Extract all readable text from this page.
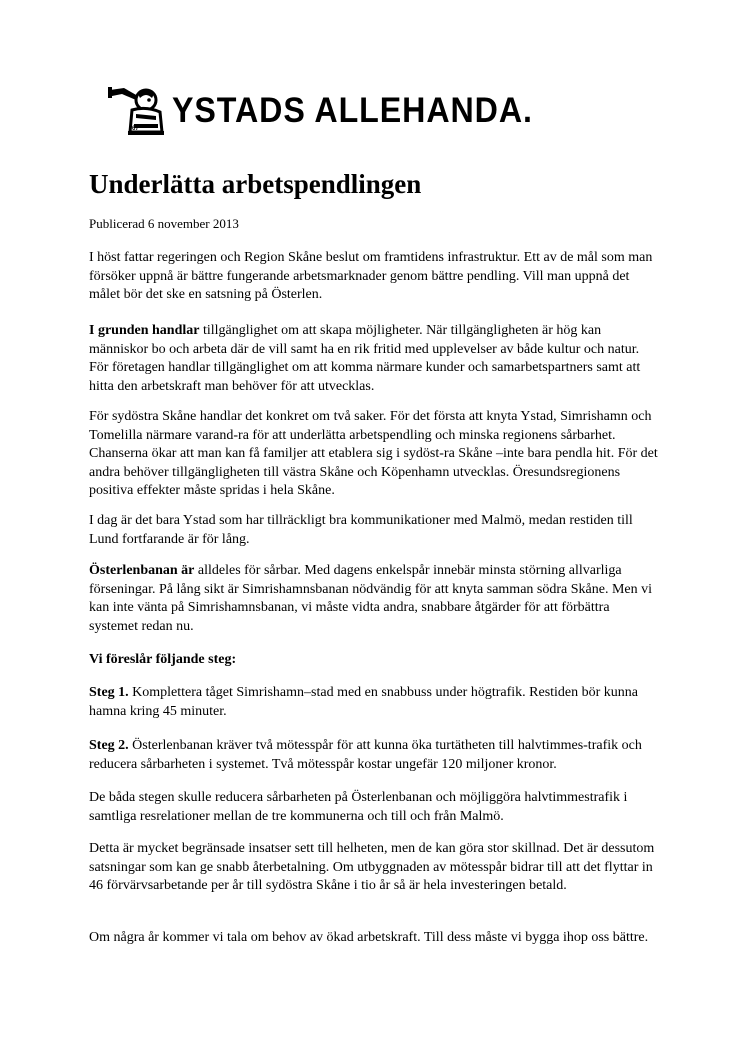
67 YSTADS ALLEHANDA.
Underlätta arbetspendlingen
Publicerad 6 november 2013

I höst fattar regeringen och Region Skåne beslut om framtidens infrastruktur. Ett av de mål som man försöker uppnå är bättre fungerande arbetsmarknader genom bättre pendling. Vill man uppnå det målet bör det ske en satsning på Österlen.

I grunden handlar tillgänglighet om att skapa möjligheter. När tillgängligheten är hög kan människor bo och arbeta där de vill samt ha en rik fritid med upplevelser av både kultur och natur. För företagen handlar tillgänglighet om att komma närmare kunder och samarbetspartners samt att hitta den arbetskraft man behöver för att utvecklas.

För sydöstra Skåne handlar det konkret om två saker. För det första att knyta Ystad, Simrishamn och Tomelilla närmare varand-ra för att underlätta arbetspendling och minska regionens sårbarhet. Chanserna ökar att man kan få familjer att etablera sig i sydöst-ra Skåne –inte bara pendla hit. För det andra behöver tillgängligheten till västra Skåne och Köpenhamn utvecklas. Öresundsregionens positiva effekter måste spridas i hela Skåne.

I dag är det bara Ystad som har tillräckligt bra kommunikationer med Malmö, medan restiden till Lund fortfarande är för lång.

Österlenbanan är alldeles för sårbar. Med dagens enkelspår innebär minsta störning allvarliga förseningar. På lång sikt är Simrishamnsbanan nödvändig för att knyta samman södra Skåne. Men vi kan inte vänta på Simrishamnsbanan, vi måste vidta andra, snabbare åtgärder för att förbättra systemet redan nu.

Vi föreslår följande steg:

Steg 1. Komplettera tåget Simrishamn–stad med en snabbuss under högtrafik. Restiden bör kunna hamna kring 45 minuter.

Steg 2. Österlenbanan kräver två mötesspår för att kunna öka turtätheten till halvtimmes-trafik och reducera sårbarheten i systemet. Två mötesspår kostar ungefär 120 miljoner kronor.

De båda stegen skulle reducera sårbarheten på Österlenbanan och möjliggöra halvtimmestrafik i samtliga resrelationer mellan de tre kommunerna och till och från Malmö.

Detta är mycket begränsade insatser sett till helheten, men de kan göra stor skillnad. Det är dessutom satsningar som kan ge snabb återbetalning. Om utbyggnaden av mötesspår bidrar till att det flyttar in 46 förvärvsarbetande per år till sydöstra Skåne i tio år så är hela investeringen betald.

Om några år kommer vi tala om behov av ökad arbetskraft. Till dess måste vi bygga ihop oss bättre.
